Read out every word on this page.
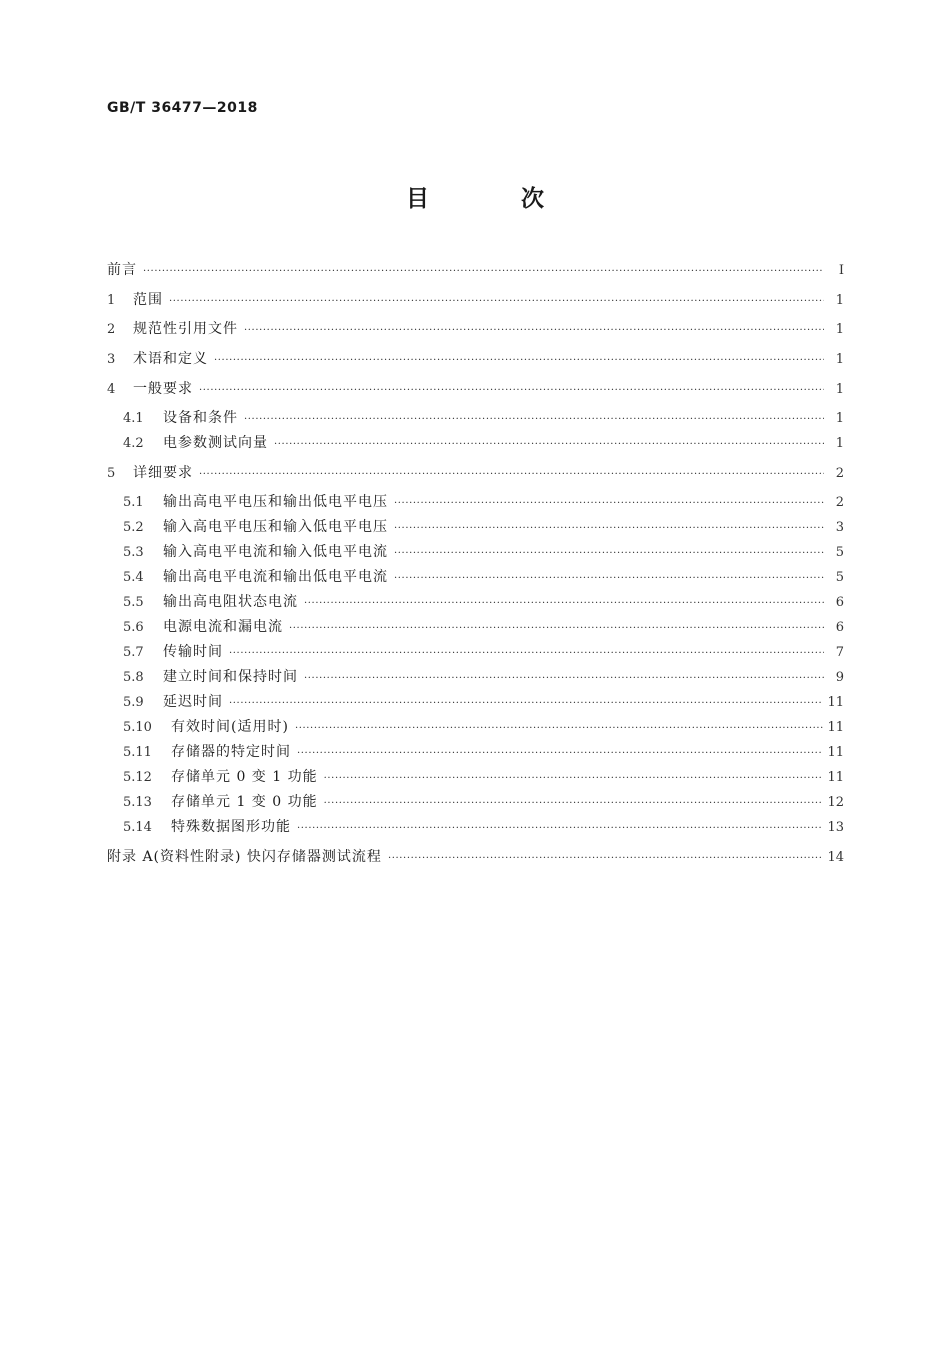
GB/T 36477—2018
目 次
前言 ·····	I
1	范围 ·····	1
2	规范性引用文件 ·····	1
3	术语和定义 ·····	1
4	一般要求 ·····	1
4.1	设备和条件 ·····	1
4.2	电参数测试向量 ·····	1
5	详细要求 ·····	2
5.1	输出高电平电压和输出低电平电压 ·····	2
5.2	输入高电平电压和输入低电平电压 ·····	3
5.3	输入高电平电流和输入低电平电流 ·····	5
5.4	输出高电平电流和输出低电平电流 ·····	5
5.5	输出高电阻状态电流 ·····	6
5.6	电源电流和漏电流 ·····	6
5.7	传输时间 ·····	7
5.8	建立时间和保持时间 ·····	9
5.9	延迟时间 ·····	11
5.10	有效时间(适用时) ·····	11
5.11	存储器的特定时间 ·····	11
5.12	存储单元 0 变 1 功能 ·····	11
5.13	存储单元 1 变 0 功能 ·····	12
5.14	特殊数据图形功能 ·····	13
附录 A(资料性附录) 快闪存储器测试流程 ·····	14
